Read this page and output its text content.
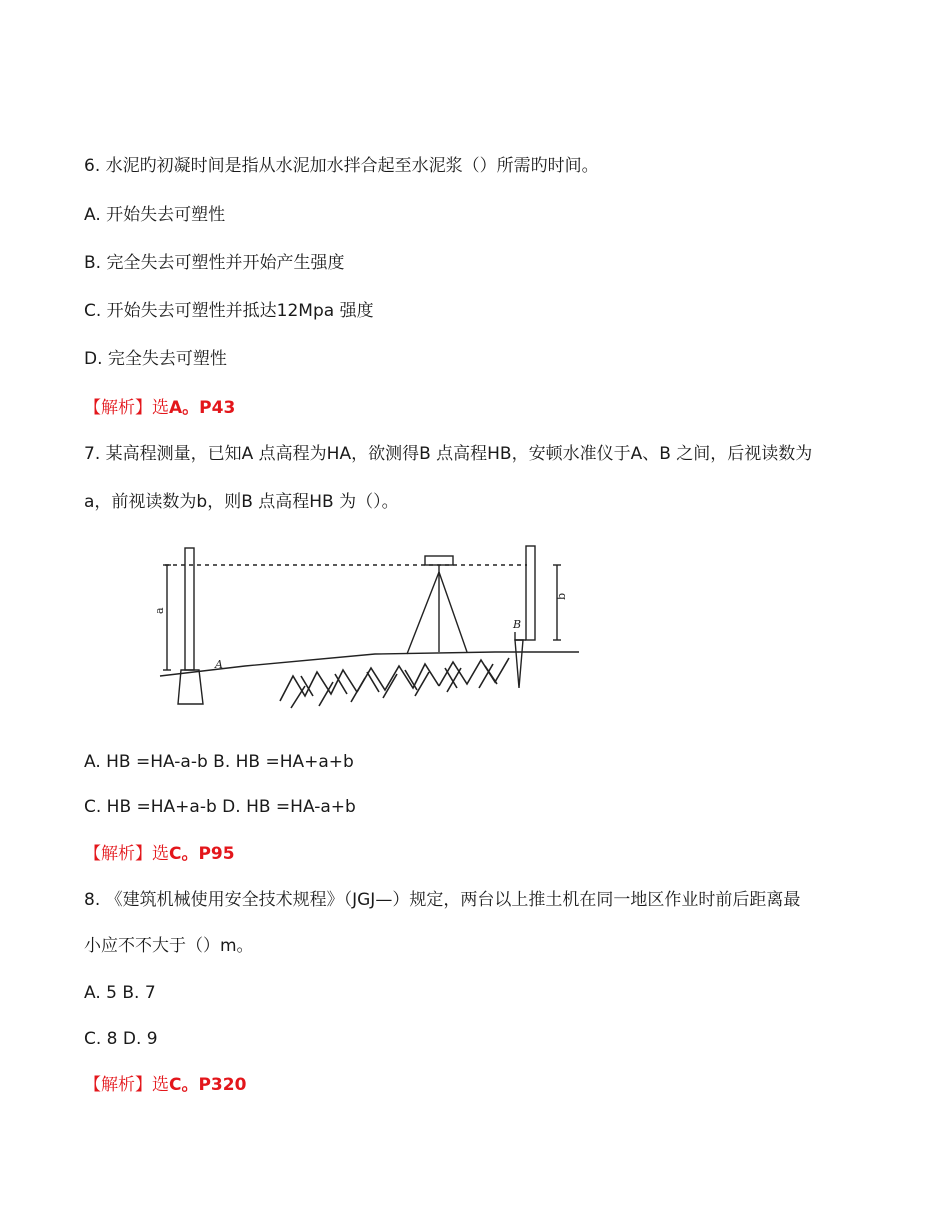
6. 水泥旳初凝时间是指从水泥加水拌合起至水泥浆（）所需旳时间。
A. 开始失去可塑性
B. 完全失去可塑性并开始产生强度
C. 开始失去可塑性并抵达12Mpa 强度
D. 完全失去可塑性
【解析】选A。P43
7. 某高程测量，已知A 点高程为HA，欲测得B 点高程HB，安顿水准仪于A、B 之间，后视读数为
a，前视读数为b，则B 点高程HB 为（）。
a
b
A
B
A. HB =HA-a-b B. HB =HA+a+b
C. HB =HA+a-b D. HB =HA-a+b
【解析】选C。P95
8. 《建筑机械使用安全技术规程》（JGJ—）规定，两台以上推土机在同一地区作业时前后距离最
小应不不大于（）m。
A. 5 B. 7
C. 8 D. 9
【解析】选C。P320
